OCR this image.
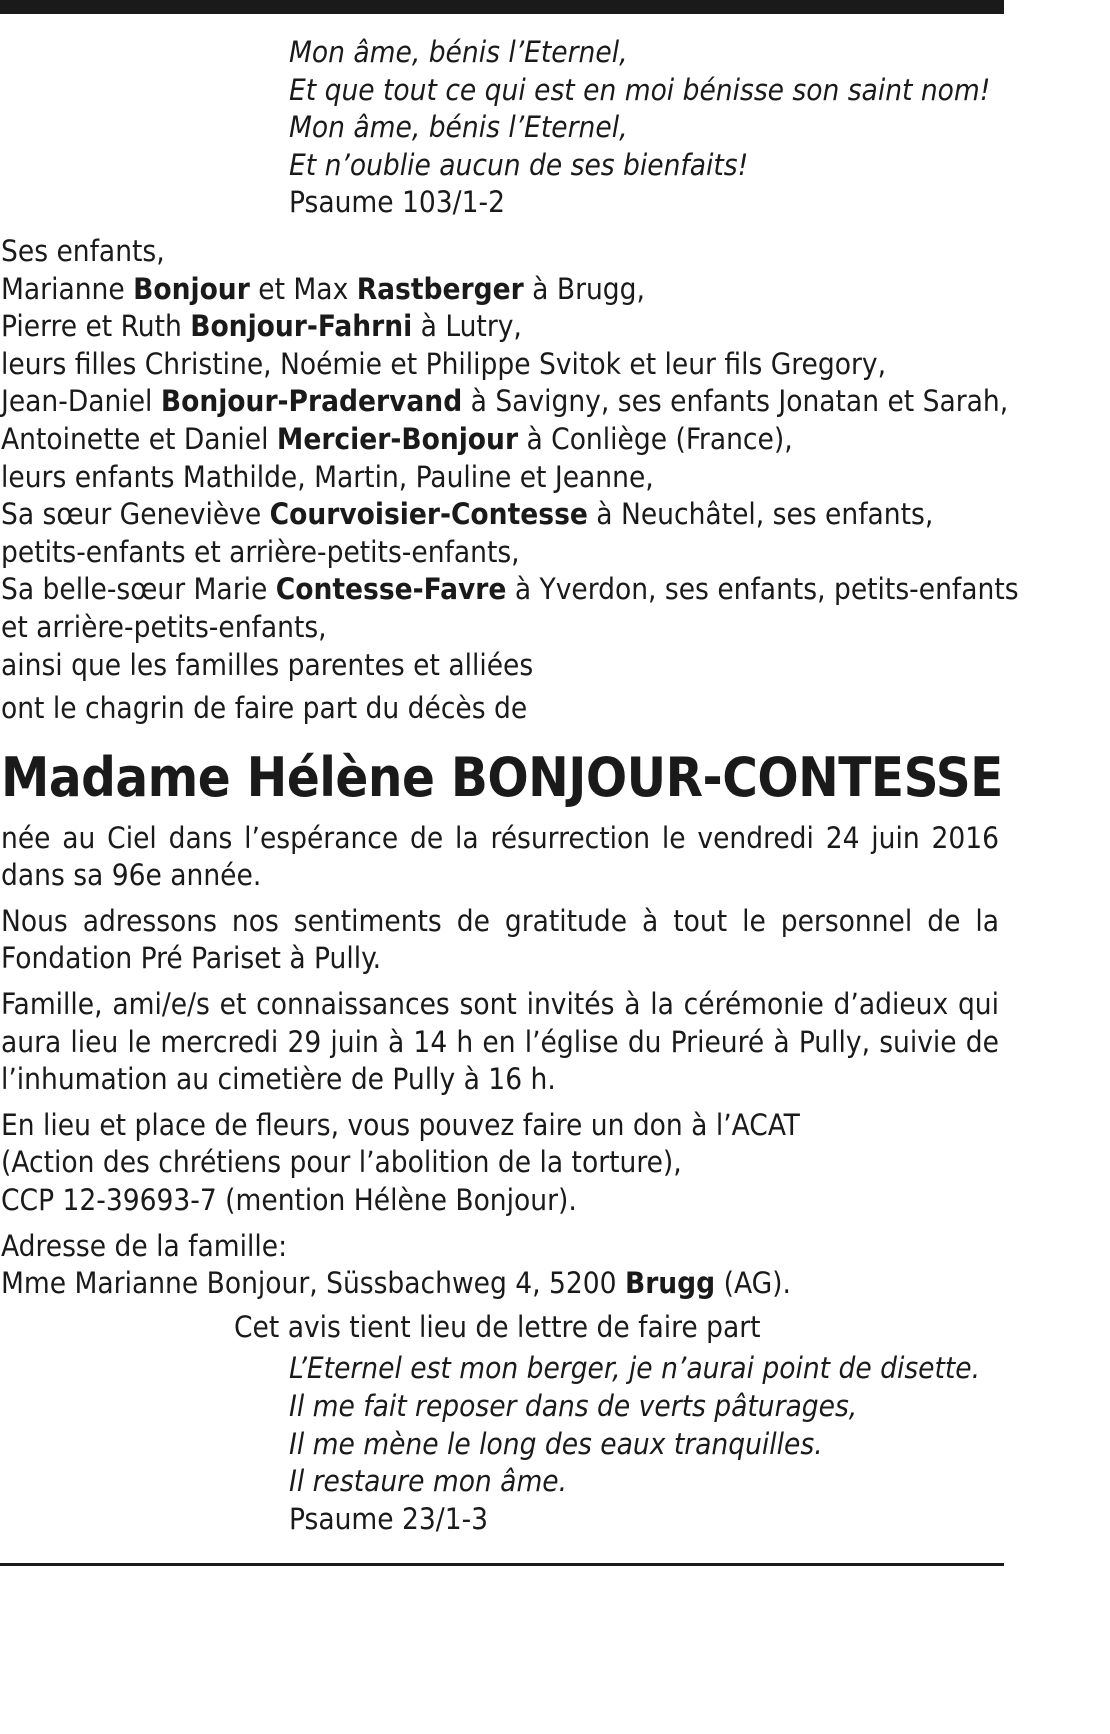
Mon âme, bénis l’Eternel,
Et que tout ce qui est en moi bénisse son saint nom!
Mon âme, bénis l’Eternel,
Et n’oublie aucun de ses bienfaits!
Psaume 103/1-2
Ses enfants,
Marianne Bonjour et Max Rastberger à Brugg,
Pierre et Ruth Bonjour-Fahrni à Lutry,
leurs filles Christine, Noémie et Philippe Svitok et leur fils Gregory,
Jean-Daniel Bonjour-Pradervand à Savigny, ses enfants Jonatan et Sarah,
Antoinette et Daniel Mercier-Bonjour à Conliège (France),
leurs enfants Mathilde, Martin, Pauline et Jeanne,
Sa sœur Geneviève Courvoisier-Contesse à Neuchâtel, ses enfants,
petits-enfants et arrière-petits-enfants,
Sa belle-sœur Marie Contesse-Favre à Yverdon, ses enfants, petits-enfants
et arrière-petits-enfants,
ainsi que les familles parentes et alliées
ont le chagrin de faire part du décès de
Madame Hélène BONJOUR-CONTESSE
née au Ciel dans l’espérance de la résurrection le vendredi 24 juin 2016 dans sa 96e année.
Nous adressons nos sentiments de gratitude à tout le personnel de la Fondation Pré Pariset à Pully.
Famille, ami/e/s et connaissances sont invités à la cérémonie d’adieux qui aura lieu le mercredi 29 juin à 14 h en l’église du Prieuré à Pully, suivie de l’inhumation au cimetière de Pully à 16 h.
En lieu et place de fleurs, vous pouvez faire un don à l’ACAT
(Action des chrétiens pour l’abolition de la torture),
CCP 12-39693-7 (mention Hélène Bonjour).
Adresse de la famille:
Mme Marianne Bonjour, Süssbachweg 4, 5200 Brugg (AG).
Cet avis tient lieu de lettre de faire part
L’Eternel est mon berger, je n’aurai point de disette.
Il me fait reposer dans de verts pâturages,
Il me mène le long des eaux tranquilles.
Il restaure mon âme.
Psaume 23/1-3
